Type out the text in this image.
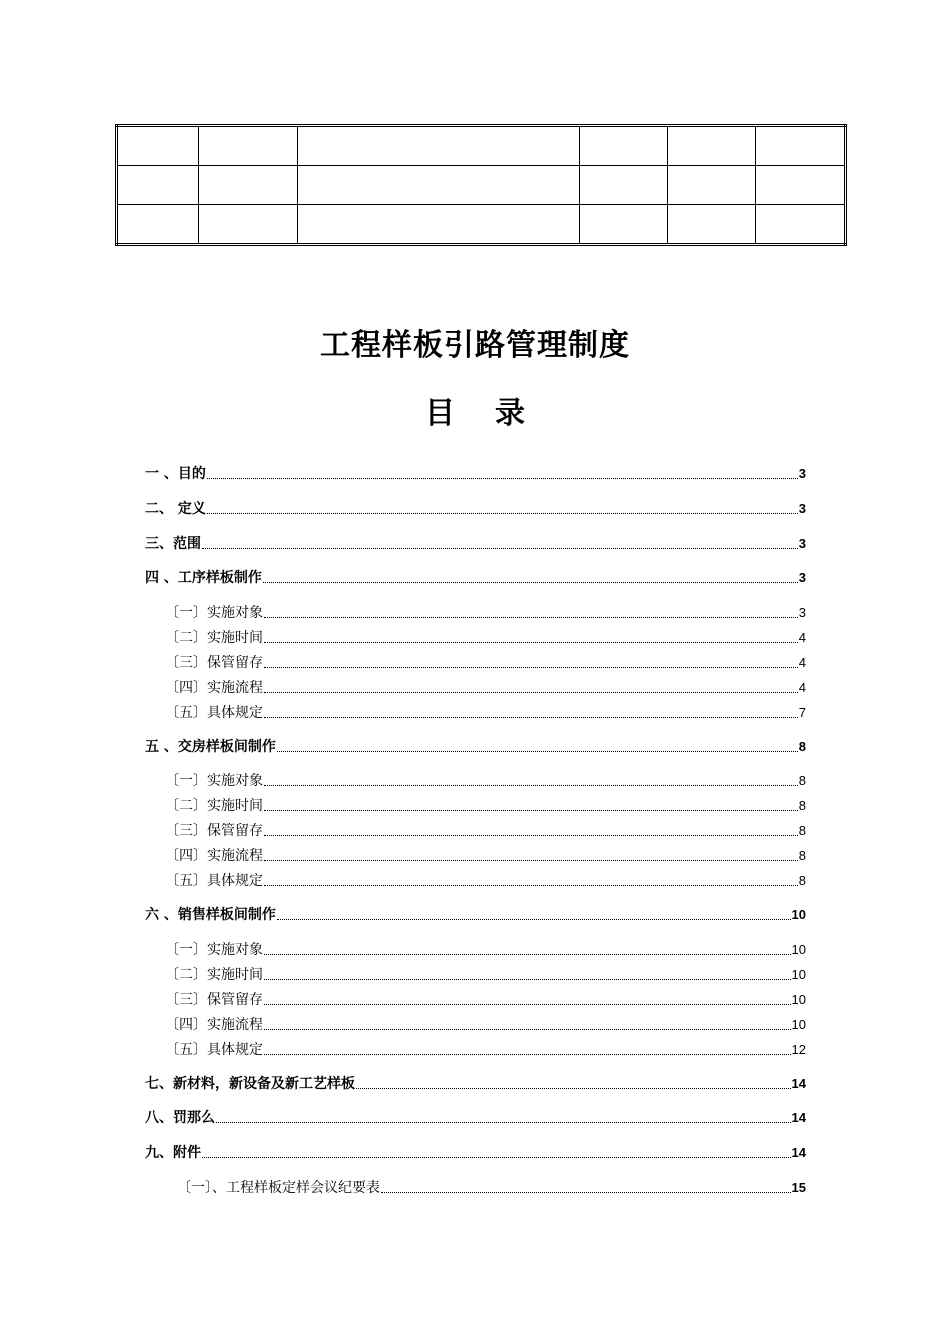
工程样板引路管理制度
目 录
一 、目的	3
二、 定义	3
三、范围	3
四 、工序样板制作	3
〔一〕实施对象	3
〔二〕实施时间	4
〔三〕保管留存	4
〔四〕实施流程	4
〔五〕具体规定	7
五 、交房样板间制作	8
〔一〕实施对象	8
〔二〕实施时间	8
〔三〕保管留存	8
〔四〕实施流程	8
〔五〕具体规定	8
六 、销售样板间制作	10
〔一〕实施对象	10
〔二〕实施时间	10
〔三〕保管留存	10
〔四〕实施流程	10
〔五〕具体规定	12
七、新材料，新设备及新工艺样板	14
八、罚那么	14
九、附件	14
〔一〕、工程样板定样会议纪要表	15
